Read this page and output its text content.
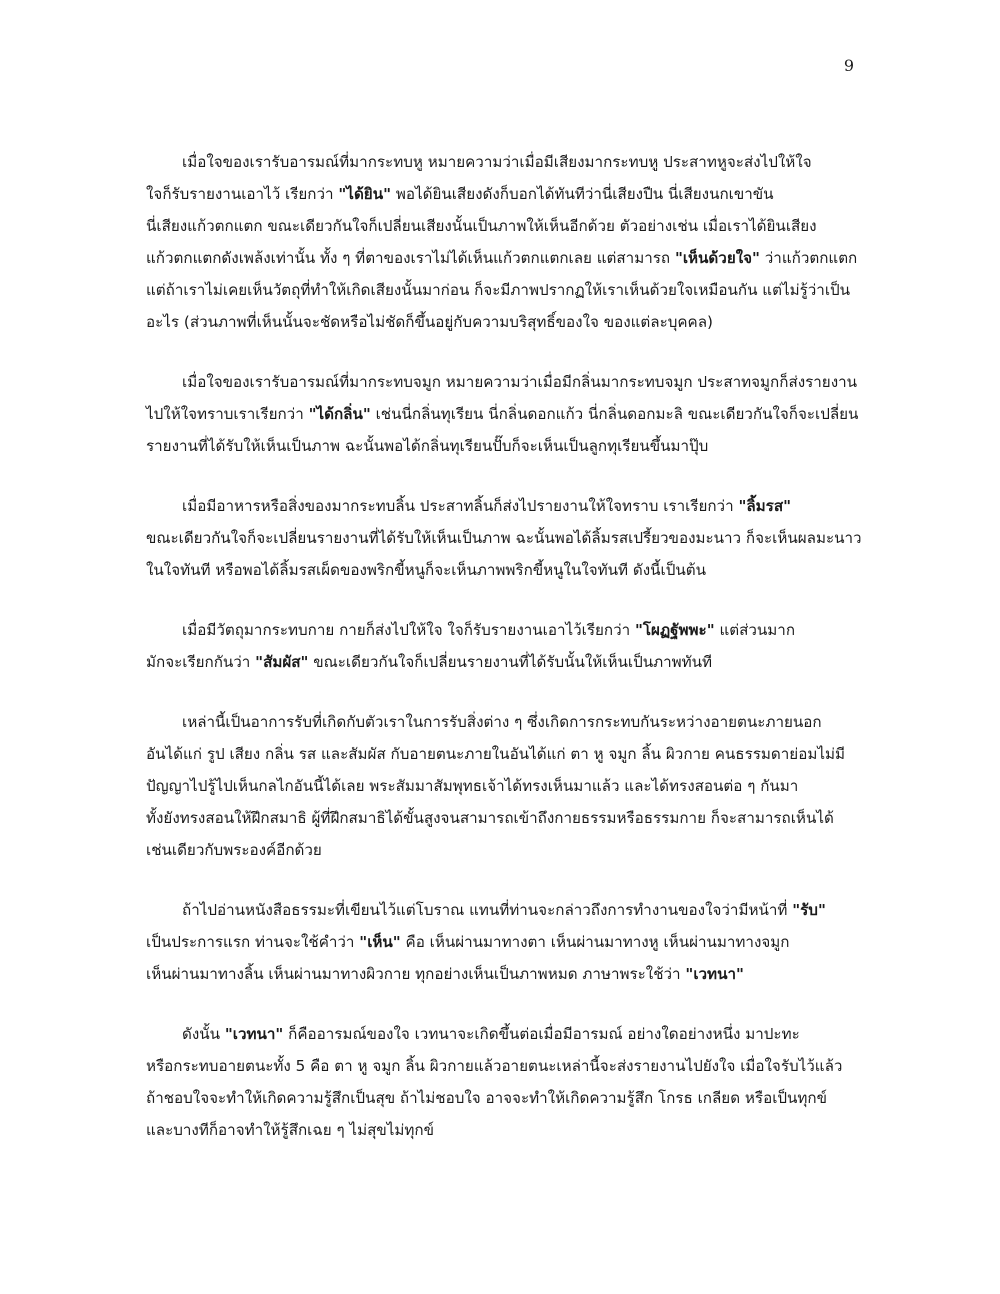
9
เมื่อใจของเรารับอารมณ์ที่มากระทบหู หมายความว่าเมื่อมีเสียงมากระทบหู ประสาทหูจะส่งไปให้ใจ
ใจก็รับรายงานเอาไว้ เรียกว่า "ได้ยิน" พอได้ยินเสียงดังก็บอกได้ทันทีว่านี่เสียงปืน นี่เสียงนกเขาขัน
นี่เสียงแก้วตกแตก ขณะเดียวกันใจก็เปลี่ยนเสียงนั้นเป็นภาพให้เห็นอีกด้วย ตัวอย่างเช่น เมื่อเราได้ยินเสียง
แก้วตกแตกดังเพล้งเท่านั้น ทั้ง ๆ ที่ตาของเราไม่ได้เห็นแก้วตกแตกเลย แต่สามารถ "เห็นด้วยใจ" ว่าแก้วตกแตก
แต่ถ้าเราไม่เคยเห็นวัตถุที่ทำให้เกิดเสียงนั้นมาก่อน ก็จะมีภาพปรากฏให้เราเห็นด้วยใจเหมือนกัน แต่ไม่รู้ว่าเป็น
อะไร (ส่วนภาพที่เห็นนั้นจะชัดหรือไม่ชัดก็ขึ้นอยู่กับความบริสุทธิ์ของใจ ของแต่ละบุคคล)
เมื่อใจของเรารับอารมณ์ที่มากระทบจมูก หมายความว่าเมื่อมีกลิ่นมากระทบจมูก ประสาทจมูกก็ส่งรายงาน
ไปให้ใจทราบเราเรียกว่า "ได้กลิ่น" เช่นนี่กลิ่นทุเรียน นี่กลิ่นดอกแก้ว นี่กลิ่นดอกมะลิ ขณะเดียวกันใจก็จะเปลี่ยน
รายงานที่ได้รับให้เห็นเป็นภาพ ฉะนั้นพอได้กลิ่นทุเรียนปั๊บก็จะเห็นเป็นลูกทุเรียนขึ้นมาปุ๊บ
เมื่อมีอาหารหรือสิ่งของมากระทบลิ้น ประสาทลิ้นก็ส่งไปรายงานให้ใจทราบ เราเรียกว่า "ลิ้มรส"
ขณะเดียวกันใจก็จะเปลี่ยนรายงานที่ได้รับให้เห็นเป็นภาพ ฉะนั้นพอได้ลิ้มรสเปรี้ยวของมะนาว ก็จะเห็นผลมะนาว
ในใจทันที หรือพอได้ลิ้มรสเผ็ดของพริกขี้หนูก็จะเห็นภาพพริกขี้หนูในใจทันที ดังนี้เป็นต้น
เมื่อมีวัตถุมากระทบกาย กายก็ส่งไปให้ใจ ใจก็รับรายงานเอาไว้เรียกว่า "โผฏฐัพพะ" แต่ส่วนมาก
มักจะเรียกกันว่า "สัมผัส" ขณะเดียวกันใจก็เปลี่ยนรายงานที่ได้รับนั้นให้เห็นเป็นภาพทันที
เหล่านี้เป็นอาการรับที่เกิดกับตัวเราในการรับสิ่งต่าง ๆ ซึ่งเกิดการกระทบกันระหว่างอายตนะภายนอก
อันได้แก่ รูป เสียง กลิ่น รส และสัมผัส กับอายตนะภายในอันได้แก่ ตา หู จมูก ลิ้น ผิวกาย คนธรรมดาย่อมไม่มี
ปัญญาไปรู้ไปเห็นกลไกอันนี้ได้เลย พระสัมมาสัมพุทธเจ้าได้ทรงเห็นมาแล้ว และได้ทรงสอนต่อ ๆ กันมา
ทั้งยังทรงสอนให้ฝึกสมาธิ ผู้ที่ฝึกสมาธิได้ขั้นสูงจนสามารถเข้าถึงกายธรรมหรือธรรมกาย ก็จะสามารถเห็นได้
เช่นเดียวกับพระองค์อีกด้วย
ถ้าไปอ่านหนังสือธรรมะที่เขียนไว้แต่โบราณ แทนที่ท่านจะกล่าวถึงการทำงานของใจว่ามีหน้าที่ "รับ"
เป็นประการแรก ท่านจะใช้คำว่า "เห็น" คือ เห็นผ่านมาทางตา เห็นผ่านมาทางหู เห็นผ่านมาทางจมูก
เห็นผ่านมาทางลิ้น เห็นผ่านมาทางผิวกาย ทุกอย่างเห็นเป็นภาพหมด ภาษาพระใช้ว่า "เวทนา"
ดังนั้น "เวทนา" ก็คืออารมณ์ของใจ เวทนาจะเกิดขึ้นต่อเมื่อมีอารมณ์ อย่างใดอย่างหนึ่ง มาปะทะ
หรือกระทบอายตนะทั้ง 5 คือ ตา หู จมูก ลิ้น ผิวกายแล้วอายตนะเหล่านี้จะส่งรายงานไปยังใจ เมื่อใจรับไว้แล้ว
ถ้าชอบใจจะทำให้เกิดความรู้สึกเป็นสุข ถ้าไม่ชอบใจ อาจจะทำให้เกิดความรู้สึก โกรธ เกลียด หรือเป็นทุกข์
และบางทีก็อาจทำให้รู้สึกเฉย ๆ ไม่สุขไม่ทุกข์
